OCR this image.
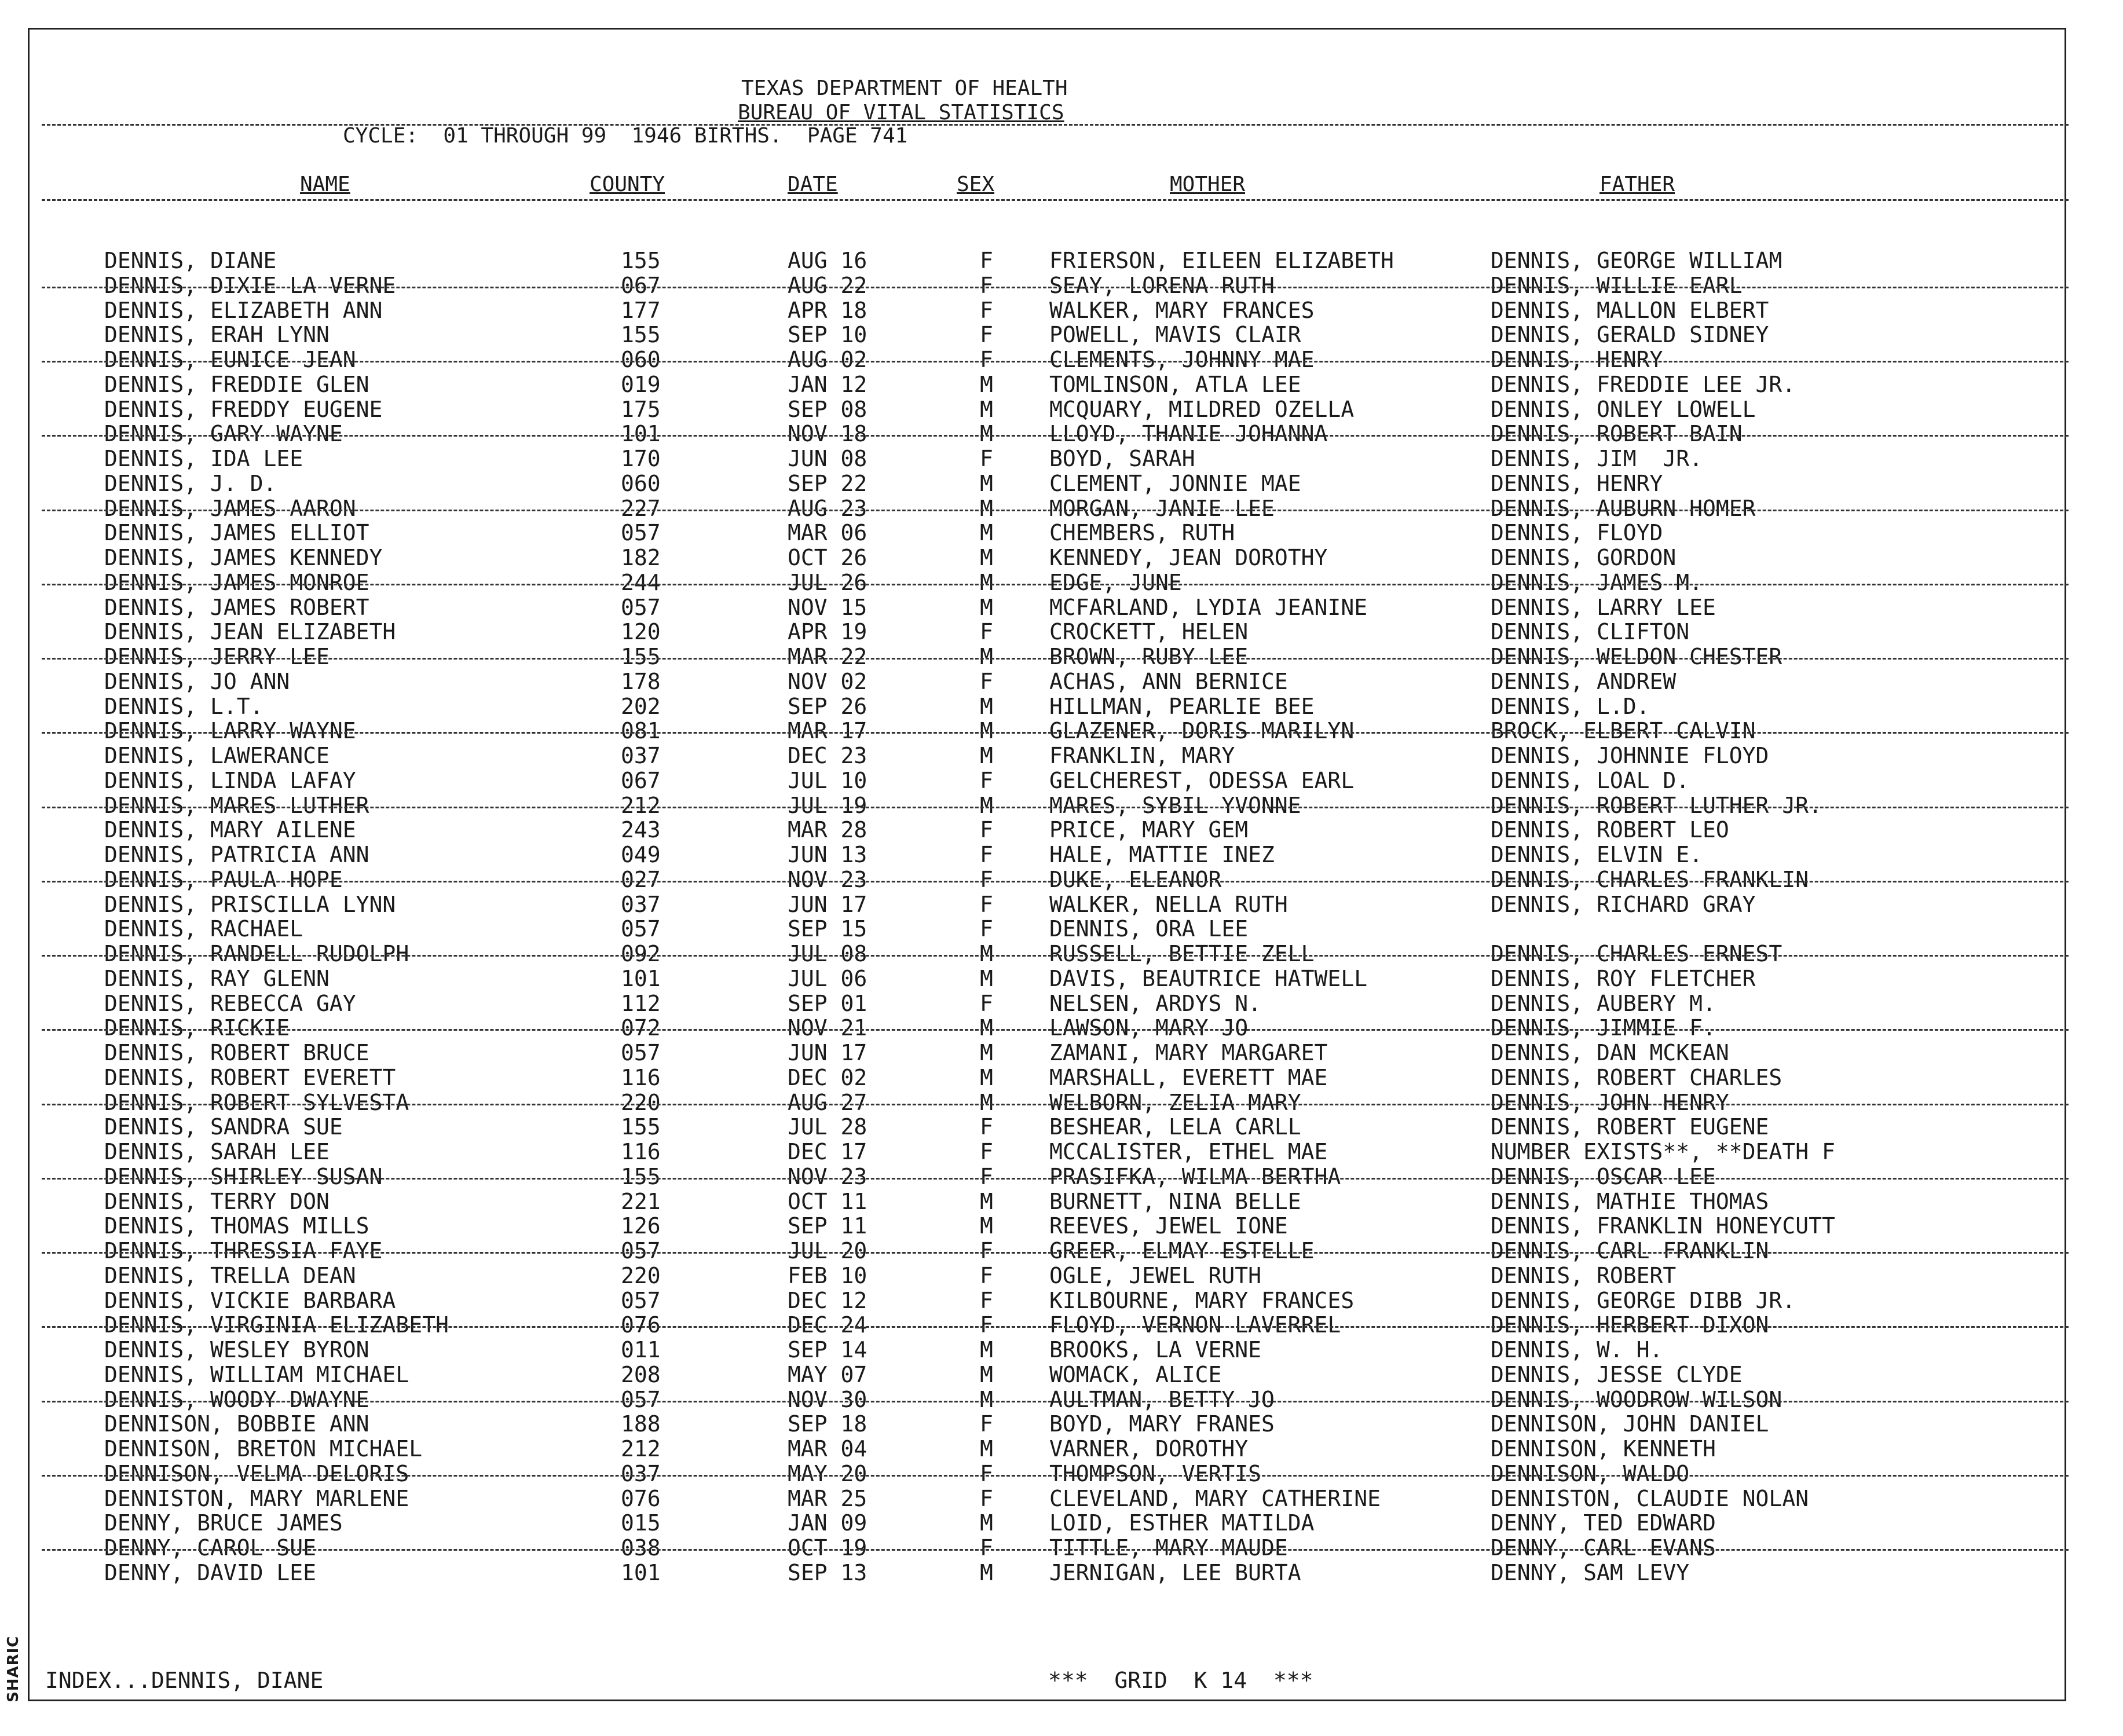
SHARIC
TEXAS DEPARTMENT OF HEALTH
BUREAU OF VITAL STATISTICS
CYCLE:  01 THROUGH 99  1946 BIRTHS.  PAGE 741
NAME	COUNTY	DATE	SEX	MOTHER	FATHER
DENNIS, DIANE	155	AUG 16	F	FRIERSON, EILEEN ELIZABETH	DENNIS, GEORGE WILLIAM
DENNIS, DIXIE LA VERNE	067	AUG 22	F	SEAY, LORENA RUTH	DENNIS, WILLIE EARL
DENNIS, ELIZABETH ANN	177	APR 18	F	WALKER, MARY FRANCES	DENNIS, MALLON ELBERT
DENNIS, ERAH LYNN	155	SEP 10	F	POWELL, MAVIS CLAIR	DENNIS, GERALD SIDNEY
DENNIS, EUNICE JEAN	060	AUG 02	F	CLEMENTS, JOHNNY MAE	DENNIS, HENRY
DENNIS, FREDDIE GLEN	019	JAN 12	M	TOMLINSON, ATLA LEE	DENNIS, FREDDIE LEE JR.
DENNIS, FREDDY EUGENE	175	SEP 08	M	MCQUARY, MILDRED OZELLA	DENNIS, ONLEY LOWELL
DENNIS, GARY WAYNE	101	NOV 18	M	LLOYD, THANIE JOHANNA	DENNIS, ROBERT BAIN
DENNIS, IDA LEE	170	JUN 08	F	BOYD, SARAH	DENNIS, JIM  JR.
DENNIS, J. D.	060	SEP 22	M	CLEMENT, JONNIE MAE	DENNIS, HENRY
DENNIS, JAMES AARON	227	AUG 23	M	MORGAN, JANIE LEE	DENNIS, AUBURN HOMER
DENNIS, JAMES ELLIOT	057	MAR 06	M	CHEMBERS, RUTH	DENNIS, FLOYD
DENNIS, JAMES KENNEDY	182	OCT 26	M	KENNEDY, JEAN DOROTHY	DENNIS, GORDON
DENNIS, JAMES MONROE	244	JUL 26	M	EDGE, JUNE	DENNIS, JAMES M.
DENNIS, JAMES ROBERT	057	NOV 15	M	MCFARLAND, LYDIA JEANINE	DENNIS, LARRY LEE
DENNIS, JEAN ELIZABETH	120	APR 19	F	CROCKETT, HELEN	DENNIS, CLIFTON
DENNIS, JERRY LEE	155	MAR 22	M	BROWN, RUBY LEE	DENNIS, WELDON CHESTER
DENNIS, JO ANN	178	NOV 02	F	ACHAS, ANN BERNICE	DENNIS, ANDREW
DENNIS, L.T.	202	SEP 26	M	HILLMAN, PEARLIE BEE	DENNIS, L.D.
DENNIS, LARRY WAYNE	081	MAR 17	M	GLAZENER, DORIS MARILYN	BROCK, ELBERT CALVIN
DENNIS, LAWERANCE	037	DEC 23	M	FRANKLIN, MARY	DENNIS, JOHNNIE FLOYD
DENNIS, LINDA LAFAY	067	JUL 10	F	GELCHEREST, ODESSA EARL	DENNIS, LOAL D.
DENNIS, MARES LUTHER	212	JUL 19	M	MARES, SYBIL YVONNE	DENNIS, ROBERT LUTHER JR.
DENNIS, MARY AILENE	243	MAR 28	F	PRICE, MARY GEM	DENNIS, ROBERT LEO
DENNIS, PATRICIA ANN	049	JUN 13	F	HALE, MATTIE INEZ	DENNIS, ELVIN E.
DENNIS, PAULA HOPE	027	NOV 23	F	DUKE, ELEANOR	DENNIS, CHARLES FRANKLIN
DENNIS, PRISCILLA LYNN	037	JUN 17	F	WALKER, NELLA RUTH	DENNIS, RICHARD GRAY
DENNIS, RACHAEL	057	SEP 15	F	DENNIS, ORA LEE
DENNIS, RANDELL RUDOLPH	092	JUL 08	M	RUSSELL, BETTIE ZELL	DENNIS, CHARLES ERNEST
DENNIS, RAY GLENN	101	JUL 06	M	DAVIS, BEAUTRICE HATWELL	DENNIS, ROY FLETCHER
DENNIS, REBECCA GAY	112	SEP 01	F	NELSEN, ARDYS N.	DENNIS, AUBERY M.
DENNIS, RICKIE	072	NOV 21	M	LAWSON, MARY JO	DENNIS, JIMMIE F.
DENNIS, ROBERT BRUCE	057	JUN 17	M	ZAMANI, MARY MARGARET	DENNIS, DAN MCKEAN
DENNIS, ROBERT EVERETT	116	DEC 02	M	MARSHALL, EVERETT MAE	DENNIS, ROBERT CHARLES
DENNIS, ROBERT SYLVESTA	220	AUG 27	M	WELBORN, ZELIA MARY	DENNIS, JOHN HENRY
DENNIS, SANDRA SUE	155	JUL 28	F	BESHEAR, LELA CARLL	DENNIS, ROBERT EUGENE
DENNIS, SARAH LEE	116	DEC 17	F	MCCALISTER, ETHEL MAE	NUMBER EXISTS**, **DEATH F
DENNIS, SHIRLEY SUSAN	155	NOV 23	F	PRASIFKA, WILMA BERTHA	DENNIS, OSCAR LEE
DENNIS, TERRY DON	221	OCT 11	M	BURNETT, NINA BELLE	DENNIS, MATHIE THOMAS
DENNIS, THOMAS MILLS	126	SEP 11	M	REEVES, JEWEL IONE	DENNIS, FRANKLIN HONEYCUTT
DENNIS, THRESSIA FAYE	057	JUL 20	F	GREER, ELMAY ESTELLE	DENNIS, CARL FRANKLIN
DENNIS, TRELLA DEAN	220	FEB 10	F	OGLE, JEWEL RUTH	DENNIS, ROBERT
DENNIS, VICKIE BARBARA	057	DEC 12	F	KILBOURNE, MARY FRANCES	DENNIS, GEORGE DIBB JR.
DENNIS, VIRGINIA ELIZABETH	076	DEC 24	F	FLOYD, VERNON LAVERREL	DENNIS, HERBERT DIXON
DENNIS, WESLEY BYRON	011	SEP 14	M	BROOKS, LA VERNE	DENNIS, W. H.
DENNIS, WILLIAM MICHAEL	208	MAY 07	M	WOMACK, ALICE	DENNIS, JESSE CLYDE
DENNIS, WOODY DWAYNE	057	NOV 30	M	AULTMAN, BETTY JO	DENNIS, WOODROW WILSON
DENNISON, BOBBIE ANN	188	SEP 18	F	BOYD, MARY FRANES	DENNISON, JOHN DANIEL
DENNISON, BRETON MICHAEL	212	MAR 04	M	VARNER, DOROTHY	DENNISON, KENNETH
DENNISON, VELMA DELORIS	037	MAY 20	F	THOMPSON, VERTIS	DENNISON, WALDO
DENNISTON, MARY MARLENE	076	MAR 25	F	CLEVELAND, MARY CATHERINE	DENNISTON, CLAUDIE NOLAN
DENNY, BRUCE JAMES	015	JAN 09	M	LOID, ESTHER MATILDA	DENNY, TED EDWARD
DENNY, CAROL SUE	038	OCT 19	F	TITTLE, MARY MAUDE	DENNY, CARL EVANS
DENNY, DAVID LEE	101	SEP 13	M	JERNIGAN, LEE BURTA	DENNY, SAM LEVY
INDEX...DENNIS, DIANE	***  GRID  K 14  ***
